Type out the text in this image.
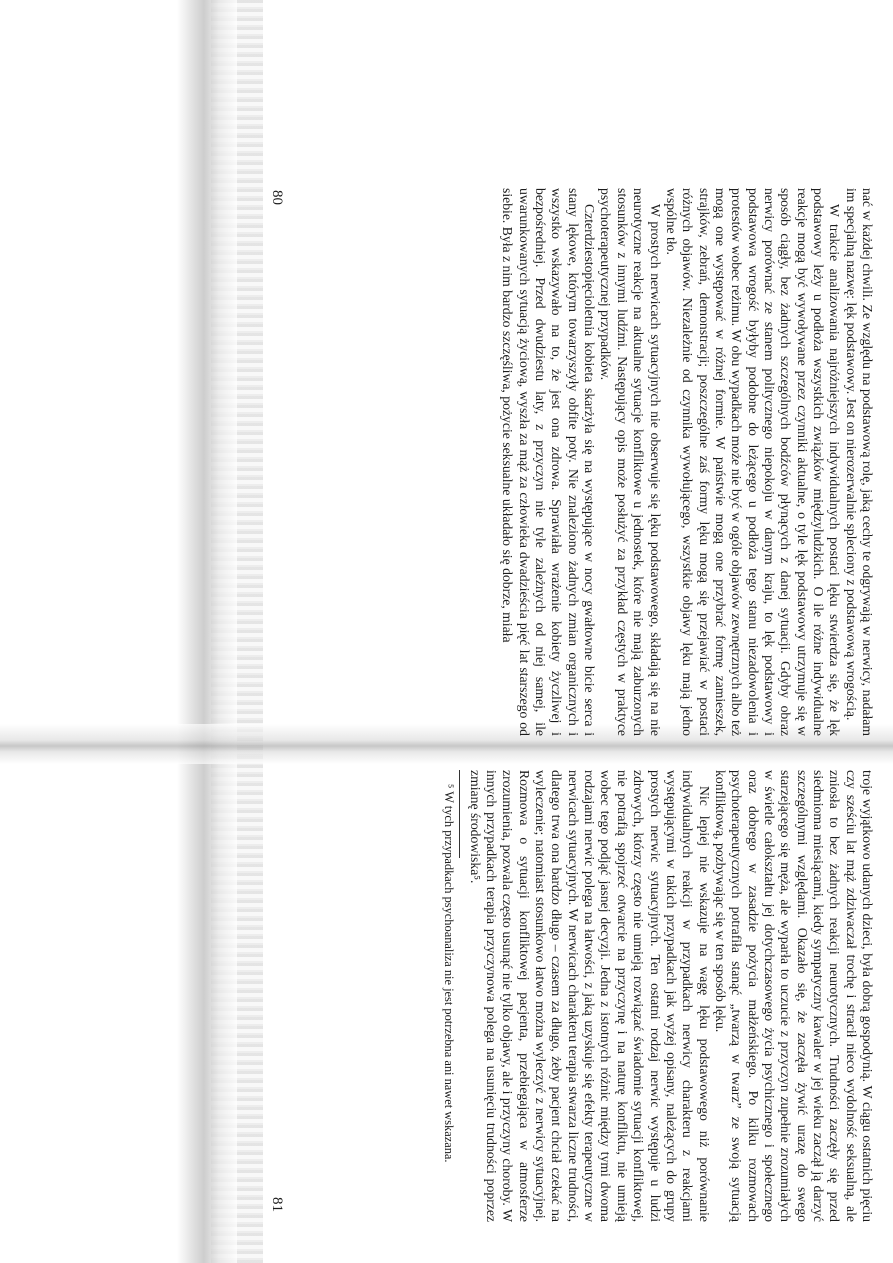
nać w każdej chwili. Ze względu na podstawową rolę, jaką cechy te odgrywają w nerwicy, nadałam im specjalną nazwę: lęk podstawowy. Jest on nierozerwalnie spleciony z podstawową wrogością.

W trakcie analizowania najróżniejszych indywidualnych postaci lęku stwierdza się, że lęk podstawowy leży u podłoża wszystkich związków międzyludzkich. O ile różne indywidualne reakcje mogą być wywoływane przez czynniki aktualne, o tyle lęk podstawowy utrzymuje się w sposób ciągły, bez żadnych szczególnych bodźców płynących z danej sytuacji. Gdyby obraz nerwicy porównać ze stanem politycznego niepokoju w danym kraju, to lęk podstawowy i podstawowa wrogość byłyby podobne do leżącego u podłoża tego stanu niezadowolenia i protestów wobec reżimu. W obu wypadkach może nie być w ogóle objawów zewnętrznych albo też mogą one występować w różnej formie. W państwie mogą one przybrać formę zamieszek, strajków, zebrań, demonstracji; poszczególne zaś formy lęku mogą się przejawiać w postaci różnych objawów. Niezależnie od czynnika wywołującego, wszystkie objawy lęku mają jedno wspólne tło.

W prostych nerwicach sytuacyjnych nie obserwuje się lęku podstawowego, składają się na nie neurotyczne reakcje na aktualne sytuacje konfliktowe u jednostek, które nie mają zaburzonych stosunków z innymi ludźmi. Następujący opis może posłużyć za przykład częstych w praktyce psychoterapeutycznej przypadków.

Czterdziestopięcioletnia kobieta skarżyła się na występujące w nocy gwałtowne bicie serca i stany lękowe, którym towarzyszyły obfite poty. Nie znaleziono żadnych zmian organicznych i wszystko wskazywało na to, że jest ona zdrowa. Sprawiała wrażenie kobiety życzliwej i bezpośredniej. Przed dwudziestu laty, z przyczyn nie tyle zależnych od niej samej, ile uwarunkowanych sytuacją życiową, wyszła za mąż za człowieka dwadzieścia pięć lat starszego od siebie. Była z nim bardzo szczęśliwa, pożycie seksualne układało się dobrze, miała

80

troje wyjątkowo udanych dzieci, była dobrą gospodynią. W ciągu ostatnich pięciu czy sześciu lat mąż zdziwaczał trochę i stracił nieco wydolność seksualną, ale zniosła to bez żadnych reakcji neurotycznych. Trudności zaczęły się przed siedmioma miesiącami, kiedy sympatyczny kawaler w jej wieku zaczął ją darzyć szczególnymi względami. Okazało się, że zaczęła żywić urazę do swego starzejącego się męża, ale wyparła to uczucie z przyczyn zupełnie zrozumiałych w świetle całokształtu jej dotychczasowego życia psychicznego i społecznego oraz dobrego w zasadzie pożycia małżeńskiego. Po kilku rozmowach psychoterapeutycznych potrafiła stanąć „twarzą w twarz” ze swoją sytuacją konfliktową, pozbywając się w ten sposób lęku.

Nic lepiej nie wskazuje na wagę lęku podstawowego niż porównanie indywidualnych reakcji w przypadkach nerwicy charakteru z reakcjami występującymi w takich przypadkach jak wyżej opisany, należących do grupy prostych nerwic sytuacyjnych. Ten ostatni rodzaj nerwic występuje u ludzi zdrowych, którzy często nie umieją rozwiązać świadomie sytuacji konfliktowej, nie potrafią spojrzeć otwarcie na przyczynę i na naturę konfliktu, nie umieją wobec tego podjąć jasnej decyzji. Jedna z istotnych różnic między tymi dwoma rodzajami nerwic polega na łatwości, z jaką uzyskuje się efekty terapeutyczne w nerwicach sytuacyjnych. W nerwicach charakteru terapia stwarza liczne trudności, dlatego trwa ona bardzo długo – czasem za długo, żeby pacjent chciał czekać na wyleczenie; natomiast stosunkowo łatwo można wyleczyć z nerwicy sytuacyjnej. Rozmowa o sytuacji konfliktowej pacjenta, przebiegająca w atmosferze zrozumienia, pozwala często usunąć nie tylko objawy, ale i przyczyny choroby. W innych przypadkach terapia przyczynowa polega na usunięciu trudności poprzez zmianę środowiska⁵.

⁵ W tych przypadkach psychoanaliza nie jest potrzebna ani nawet wskazana.

81
